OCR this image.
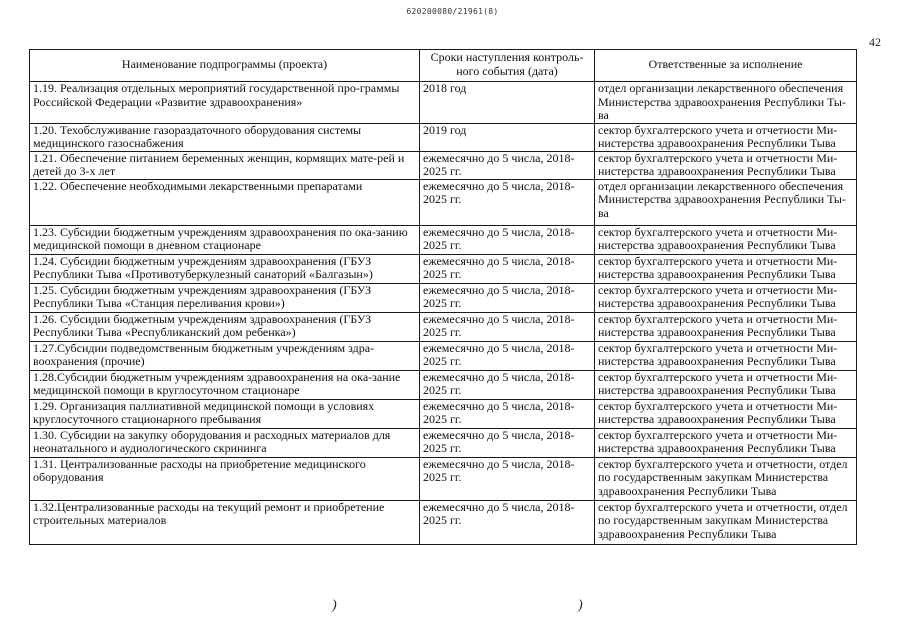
620200080/21961(8)
42
Наименование подпрограммы (проекта)	Сроки наступления контроль-ного события (дата)	Ответственные за исполнение
1.19. Реализация отдельных мероприятий государственной про-граммы Российской Федерации «Развитие здравоохранения»	2018 год	отдел организации лекарственного обеспечения Министерства здравоохранения Республики Ты-ва
1.20. Техобслуживание газораздаточного оборудования системы медицинского газоснабжения	2019 год	сектор бухгалтерского учета и отчетности Ми-нистерства здравоохранения Республики Тыва
1.21. Обеспечение питанием беременных женщин, кормящих мате-рей и детей до 3-х лет	ежемесячно до 5 числа, 2018-2025 гг.	сектор бухгалтерского учета и отчетности Ми-нистерства здравоохранения Республики Тыва
1.22. Обеспечение необходимыми лекарственными препаратами	ежемесячно до 5 числа, 2018-2025 гг.	отдел организации лекарственного обеспечения Министерства здравоохранения Республики Ты-ва
1.23. Субсидии бюджетным учреждениям здравоохранения по ока-занию медицинской помощи в дневном стационаре	ежемесячно до 5 числа, 2018-2025 гг.	сектор бухгалтерского учета и отчетности Ми-нистерства здравоохранения Республики Тыва
1.24. Субсидии бюджетным учреждениям здравоохранения (ГБУЗ Республики Тыва «Противотуберкулезный санаторий «Балгазын»)	ежемесячно до 5 числа, 2018-2025 гг.	сектор бухгалтерского учета и отчетности Ми-нистерства здравоохранения Республики Тыва
1.25. Субсидии бюджетным учреждениям здравоохранения (ГБУЗ Республики Тыва «Станция переливания крови»)	ежемесячно до 5 числа, 2018-2025 гг.	сектор бухгалтерского учета и отчетности Ми-нистерства здравоохранения Республики Тыва
1.26. Субсидии бюджетным учреждениям здравоохранения (ГБУЗ Республики Тыва «Республиканский дом ребенка»)	ежемесячно до 5 числа, 2018-2025 гг.	сектор бухгалтерского учета и отчетности Ми-нистерства здравоохранения Республики Тыва
1.27.Субсидии подведомственным бюджетным учреждениям здра-воохранения (прочие)	ежемесячно до 5 числа, 2018-2025 гг.	сектор бухгалтерского учета и отчетности Ми-нистерства здравоохранения Республики Тыва
1.28.Субсидии бюджетным учреждениям здравоохранения на ока-зание медицинской помощи в круглосуточном стационаре	ежемесячно до 5 числа, 2018-2025 гг.	сектор бухгалтерского учета и отчетности Ми-нистерства здравоохранения Республики Тыва
1.29. Организация паллиативной медицинской помощи в условиях круглосуточного стационарного пребывания	ежемесячно до 5 числа, 2018-2025 гг.	сектор бухгалтерского учета и отчетности Ми-нистерства здравоохранения Республики Тыва
1.30. Субсидии на закупку оборудования и расходных материалов для неонатального и аудиологического скрининга	ежемесячно до 5 числа, 2018-2025 гг.	сектор бухгалтерского учета и отчетности Ми-нистерства здравоохранения Республики Тыва
1.31. Централизованные расходы на приобретение медицинского оборудования	ежемесячно до 5 числа, 2018-2025 гг.	сектор бухгалтерского учета и отчетности, отдел по государственным закупкам Министерства здравоохранения Республики Тыва
1.32.Централизованные расходы на текущий ремонт и приобретение строительных материалов	ежемесячно до 5 числа, 2018-2025 гг.	сектор бухгалтерского учета и отчетности, отдел по государственным закупкам Министерства здравоохранения Республики Тыва
)	)
